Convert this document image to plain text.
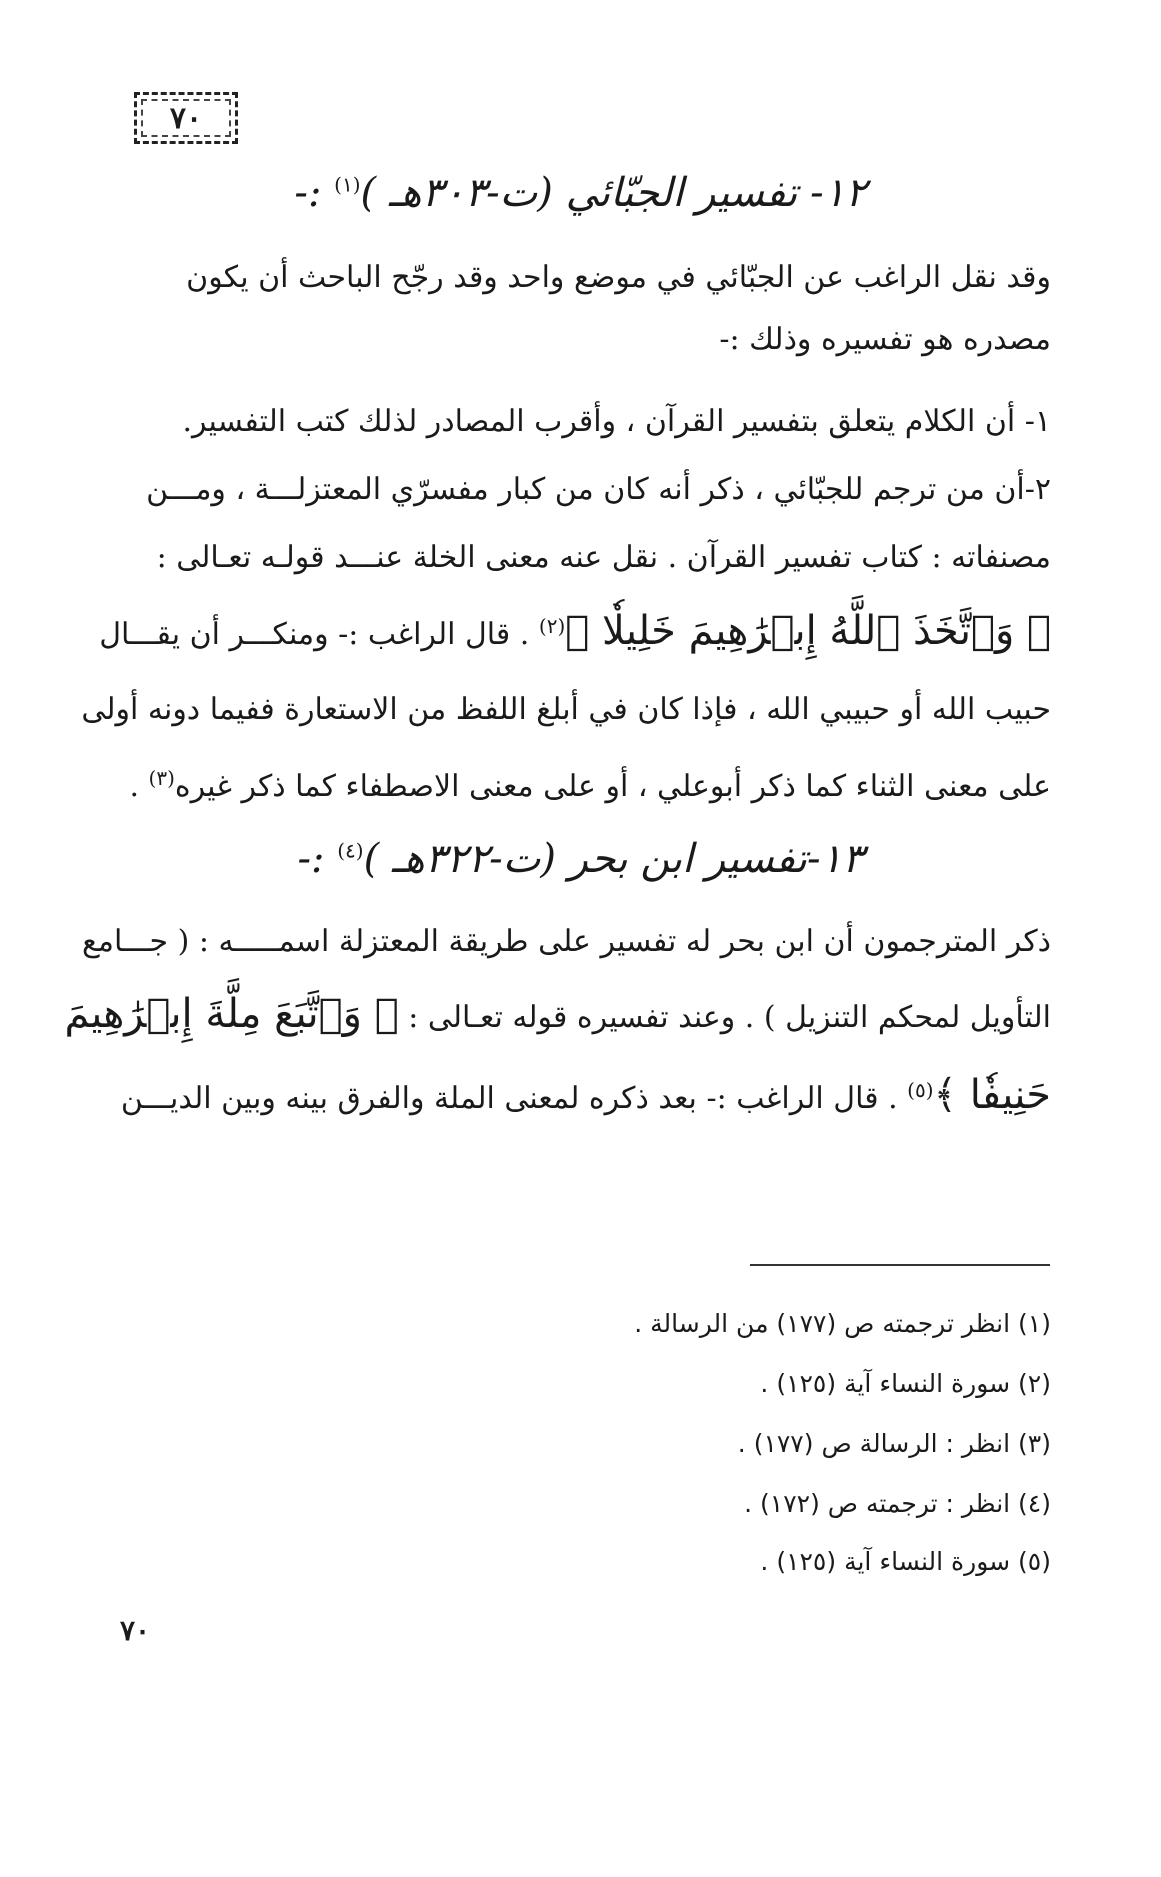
٧٠
١٢- تفسير الجبّائي (ت-٣٠٣هـ )$^{(١)}$ :-
وقد نقل الراغب عن الجبّائي في موضع واحد وقد رجّح الباحث أن يكون
مصدره هو تفسيره وذلك :-
١- أن الكلام يتعلق بتفسير القرآن ، وأقرب المصادر لذلك كتب التفسير.
٢-أن من ترجم للجبّائي ، ذكر أنه كان من كبار مفسرّي المعتزلـــة ، ومـــن
مصنفاته : كتاب تفسير القرآن . نقل عنه معنى الخلة عنـــد قولـه تعـالى :
﴿ وَٱتَّخَذَ ٱللَّهُ إِبۡرَٰهِيمَ خَلِيلٗا ﴾$^{(٢)}$ . قال الراغب :- ومنكـــر أن يقـــال
حبيب الله أو حبيبي الله ، فإذا كان في أبلغ اللفظ من الاستعارة ففيما دونه أولى
على معنى الثناء كما ذكر أبوعلي ، أو على معنى الاصطفاء كما ذكر غيره$^{(٣)}$ .
١٣-تفسير ابن بحر (ت-٣٢٢هـ )$^{(٤)}$ :-
ذكر المترجمون أن ابن بحر له تفسير على طريقة المعتزلة اسمـــــه : ( جـــامع
التأويل لمحكم التنزيل ) . وعند تفسيره قوله تعـالى : ﴿ وَٱتَّبَعَ مِلَّةَ إِبۡرَٰهِيمَ
حَنِيفٗا ﴾$^{(٥)}$ . قال الراغب :- بعد ذكره لمعنى الملة والفرق بينه وبين الديـــن
(١) انظر ترجمته ص (١٧٧) من الرسالة .
(٢) سورة النساء آية (١٢٥) .
(٣) انظر : الرسالة ص (١٧٧) .
(٤) انظر : ترجمته ص (١٧٢) .
(٥) سورة النساء آية (١٢٥) .
٧٠
